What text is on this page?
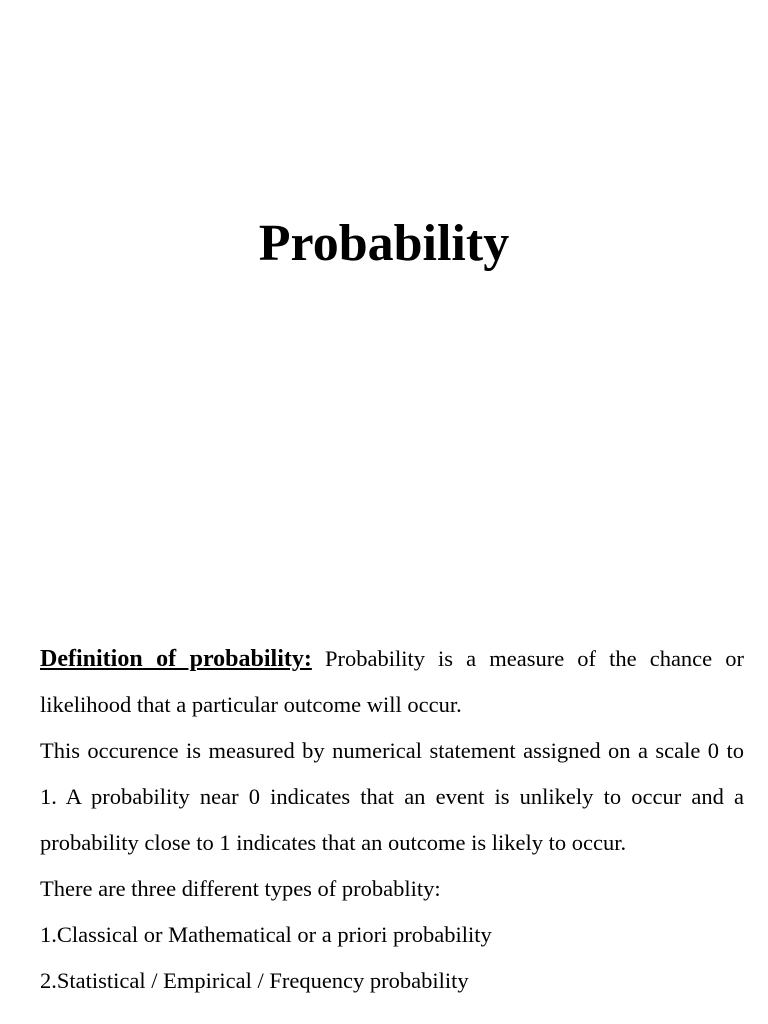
Probability

Definition of probability: Probability is a measure of the chance or likelihood that a particular outcome will occur.

This occurence is measured by numerical statement assigned on a scale 0 to 1. A probability near 0 indicates that an event is unlikely to occur and a probability close to 1 indicates that an outcome is likely to occur.

There are three different types of probablity:

1.Classical or Mathematical or a priori probability

2.Statistical / Empirical / Frequency probability
